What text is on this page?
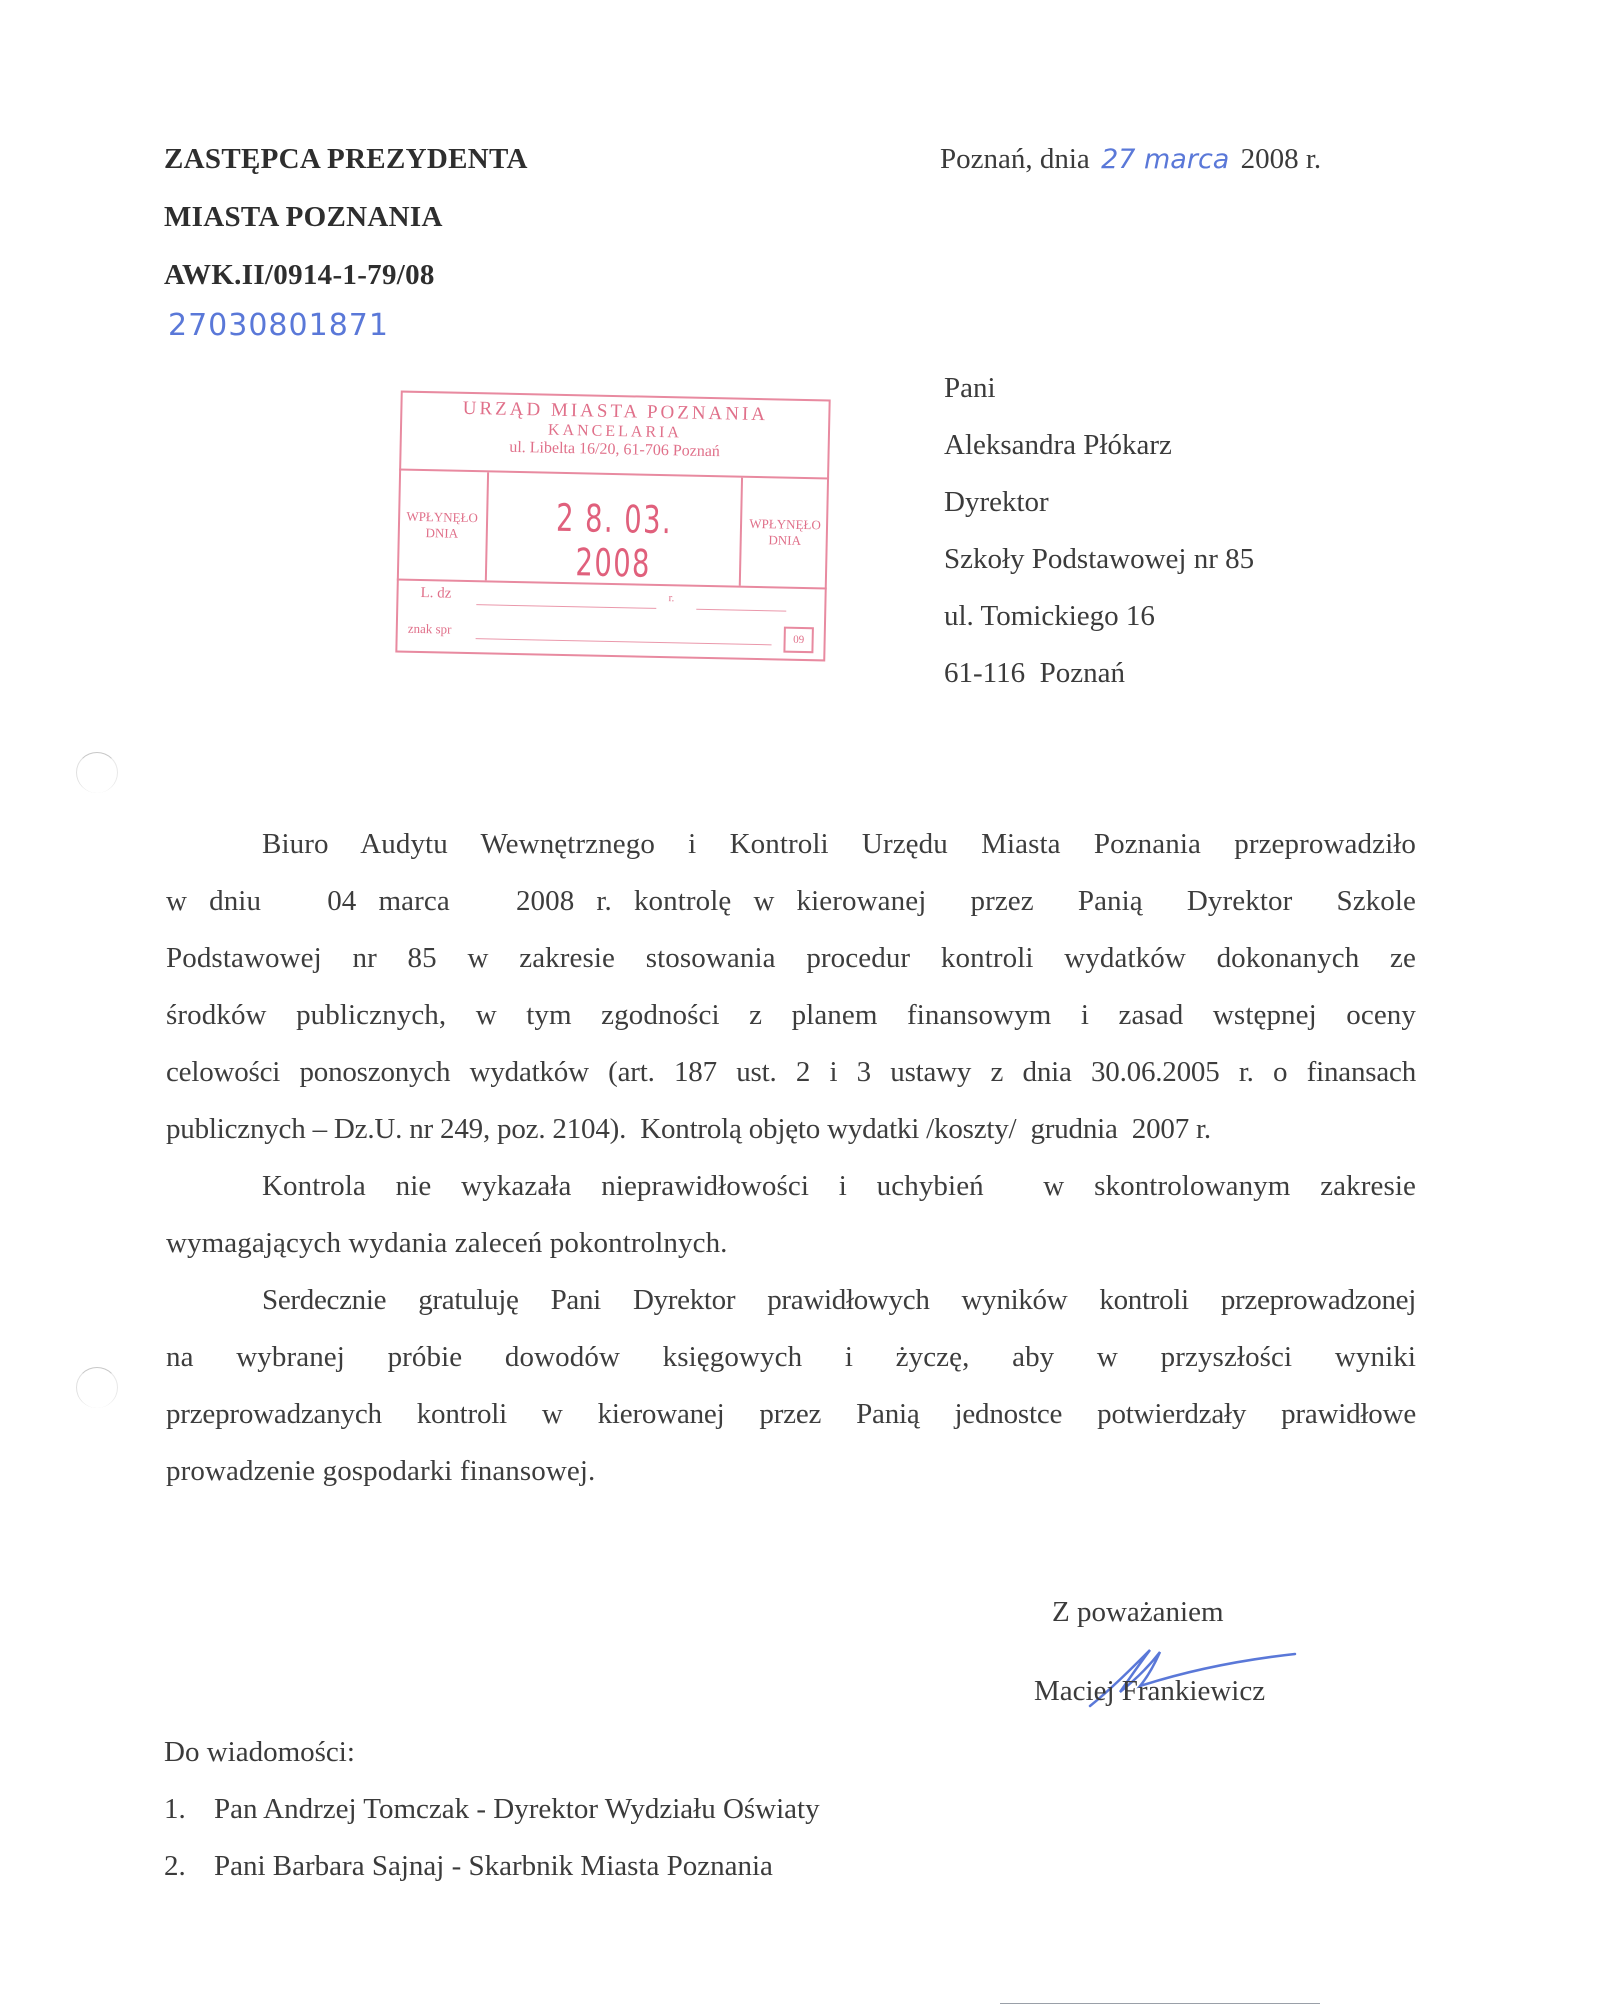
ZASTĘPCA PREZYDENTA
MIASTA POZNANIA
AWK.II/0914-1-79/08
27030801871
Poznań, dnia 27 marca 2008 r.
URZĄD MIASTA POZNANIA
KANCELARIA
ul. Libelta 16/20, 61-706 Poznań
WPŁYNĘŁO
DNIA	2 8. 03. 2008
WPŁYNĘŁO
DNIA
L. dz	r.
znak spr
09
Pani
Aleksandra Płókarz
Dyrektor
Szkoły Podstawowej nr 85
ul. Tomickiego 16
61-116  Poznań
Biuro Audytu Wewnętrznego i Kontroli Urzędu Miasta Poznania przeprowadziło
w dniu   04 marca   2008 r. kontrolę w kierowanej  przez  Panią  Dyrektor  Szkole
Podstawowej nr 85 w zakresie stosowania procedur kontroli wydatków dokonanych ze
środków publicznych, w tym zgodności z planem finansowym i zasad wstępnej oceny
celowości ponoszonych wydatków (art. 187 ust. 2 i 3 ustawy z dnia 30.06.2005 r. o finansach
publicznych – Dz.U. nr 249, poz. 2104).  Kontrolą objęto wydatki /koszty/  grudnia  2007 r.
Kontrola nie wykazała nieprawidłowości i uchybień  w skontrolowanym zakresie
wymagających wydania zaleceń pokontrolnych.
Serdecznie gratuluję Pani Dyrektor prawidłowych wyników kontroli przeprowadzonej
na wybranej próbie dowodów księgowych i życzę, aby w przyszłości wyniki
przeprowadzanych kontroli w kierowanej przez Panią jednostce potwierdzały prawidłowe
prowadzenie gospodarki finansowej.
Z poważaniem
Maciej Frankiewicz
Do wiadomości:
1. Pan Andrzej Tomczak - Dyrektor Wydziału Oświaty
2. Pani Barbara Sajnaj - Skarbnik Miasta Poznania
